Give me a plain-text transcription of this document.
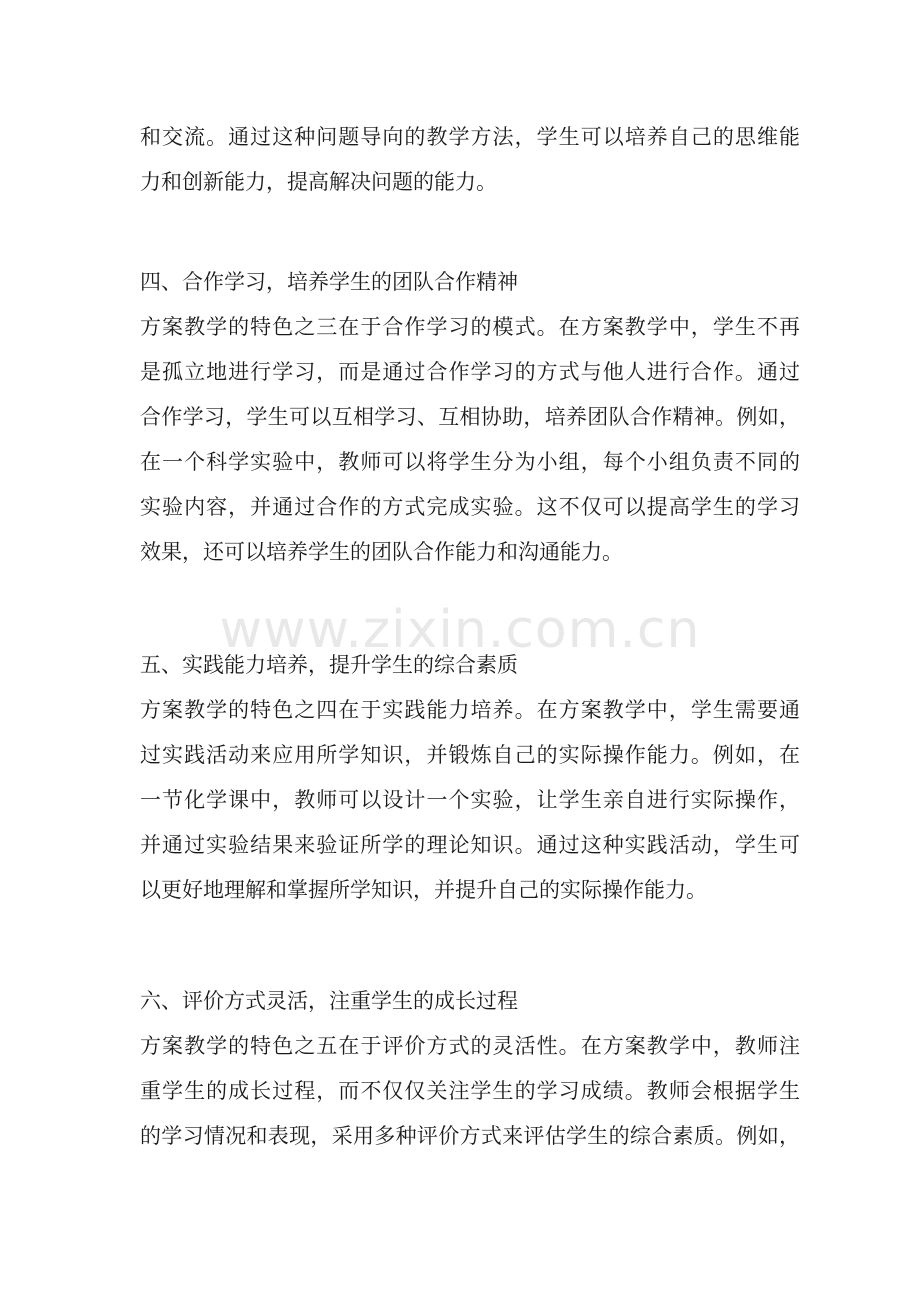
和交流。通过这种问题导向的教学方法，学生可以培养自己的思维能
力和创新能力，提高解决问题的能力。
四、合作学习，培养学生的团队合作精神
方案教学的特色之三在于合作学习的模式。在方案教学中，学生不再
是孤立地进行学习，而是通过合作学习的方式与他人进行合作。通过
合作学习，学生可以互相学习、互相协助，培养团队合作精神。例如，
在一个科学实验中，教师可以将学生分为小组，每个小组负责不同的
实验内容，并通过合作的方式完成实验。这不仅可以提高学生的学习
效果，还可以培养学生的团队合作能力和沟通能力。
五、实践能力培养，提升学生的综合素质
方案教学的特色之四在于实践能力培养。在方案教学中，学生需要通
过实践活动来应用所学知识，并锻炼自己的实际操作能力。例如，在
一节化学课中，教师可以设计一个实验，让学生亲自进行实际操作，
并通过实验结果来验证所学的理论知识。通过这种实践活动，学生可
以更好地理解和掌握所学知识，并提升自己的实际操作能力。
六、评价方式灵活，注重学生的成长过程
方案教学的特色之五在于评价方式的灵活性。在方案教学中，教师注
重学生的成长过程，而不仅仅关注学生的学习成绩。教师会根据学生
的学习情况和表现，采用多种评价方式来评估学生的综合素质。例如，
www.zixin.com.cn
